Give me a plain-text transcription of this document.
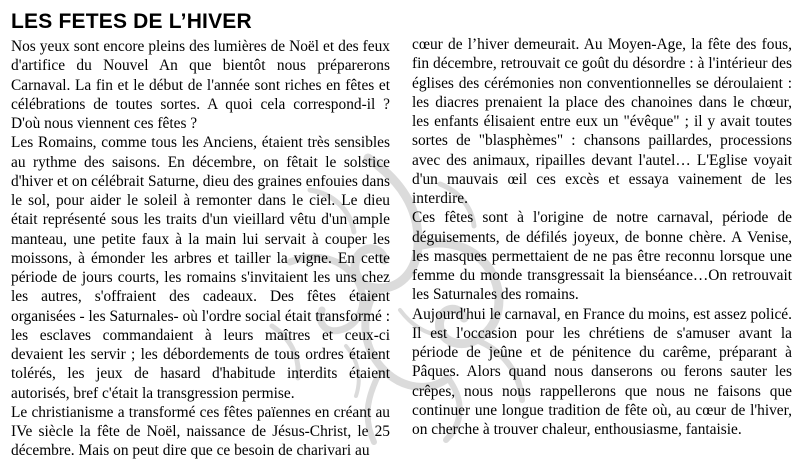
LES FETES DE L’HIVER

Nos yeux sont encore pleins des lumières de Noël et des feux d'artifice du Nouvel An que bientôt nous préparerons Carnaval. La fin et le début de l'année sont riches en fêtes et célébrations de toutes sortes. A quoi cela correspond-il ? D'où nous viennent ces fêtes ?

Les Romains, comme tous les Anciens, étaient très sensibles au rythme des saisons. En décembre, on fêtait le solstice d'hiver et on célébrait Saturne, dieu des graines enfouies dans le sol, pour aider le soleil à remonter dans le ciel. Le dieu était représenté sous les traits d'un vieillard vêtu d'un ample manteau, une petite faux à la main lui servait à couper les moissons, à émonder les arbres et tailler la vigne. En cette période de jours courts, les romains s'invitaient les uns chez les autres, s'offraient des cadeaux. Des fêtes étaient organisées - les Saturnales- où l'ordre social était transformé : les esclaves commandaient à leurs maîtres et ceux-ci devaient les servir ; les débordements de tous ordres étaient tolérés, les jeux de hasard d'habitude interdits étaient autorisés, bref c'était la transgression permise.

Le christianisme a transformé ces fêtes païennes en créant au IVe siècle la fête de Noël, naissance de Jésus-Christ, le 25 décembre. Mais on peut dire que ce besoin de charivari au

cœur de l’hiver demeurait. Au Moyen-Age, la fête des fous, fin décembre, retrouvait ce goût du désordre : à l'intérieur des églises des cérémonies non conventionnelles se déroulaient : les diacres prenaient la place des chanoines dans le chœur, les enfants élisaient entre eux un "évêque" ; il y avait toutes sortes de "blasphèmes" : chansons paillardes, processions avec des animaux, ripailles devant l'autel… L'Eglise voyait d'un mauvais œil ces excès et essaya vainement de les interdire.

Ces fêtes sont à l'origine de notre carnaval, période de déguisements, de défilés joyeux, de bonne chère. A Venise, les masques permettaient de ne pas être reconnu lorsque une femme du monde transgressait la bienséance…On retrouvait les Saturnales des romains.

Aujourd'hui le carnaval, en France du moins, est assez policé. Il est l'occasion pour les chrétiens de s'amuser avant la période de jeûne et de pénitence du carême, préparant à Pâques. Alors quand nous danserons ou ferons sauter les crêpes, nous nous rappellerons que nous ne faisons que continuer une longue tradition de fête où, au cœur de l'hiver, on cherche à trouver chaleur, enthousiasme, fantaisie.
